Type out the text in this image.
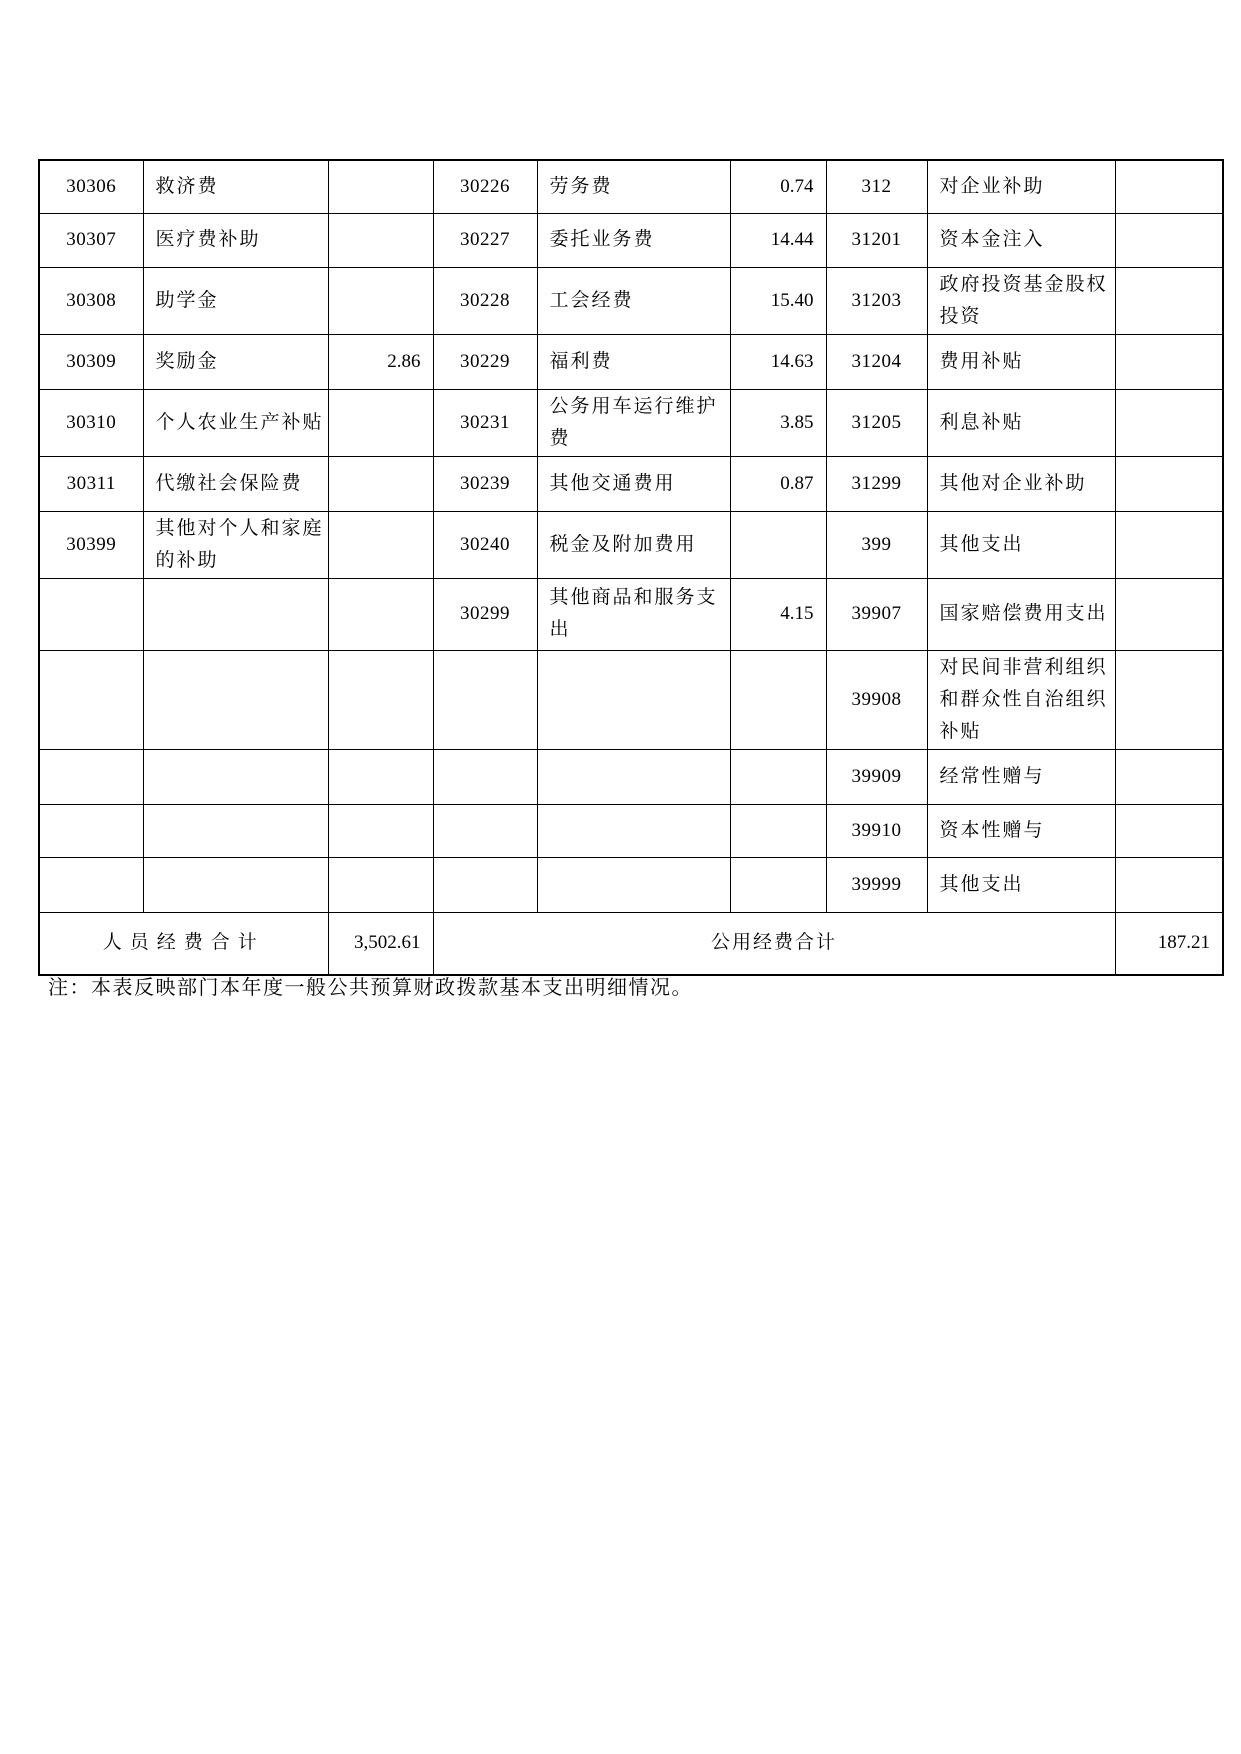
30306	救济费		30226	劳务费	0.74	312	对企业补助	
30307	医疗费补助		30227	委托业务费	14.44	31201	资本金注入	
30308	助学金		30228	工会经费	15.40	31203	政府投资基金股权投资	
30309	奖励金	2.86	30229	福利费	14.63	31204	费用补贴	
30310	个人农业生产补贴		30231	公务用车运行维护费	3.85	31205	利息补贴	
30311	代缴社会保险费		30239	其他交通费用	0.87	31299	其他对企业补助	
30399	其他对个人和家庭的补助		30240	税金及附加费用		399	其他支出	
			30299	其他商品和服务支出	4.15	39907	国家赔偿费用支出	
						39908	对民间非营利组织和群众性自治组织补贴	
						39909	经常性赠与	
						39910	资本性赠与	
						39999	其他支出	
人员经费合计		3,502.61	公用经费合计					187.21
注：本表反映部门本年度一般公共预算财政拨款基本支出明细情况。
